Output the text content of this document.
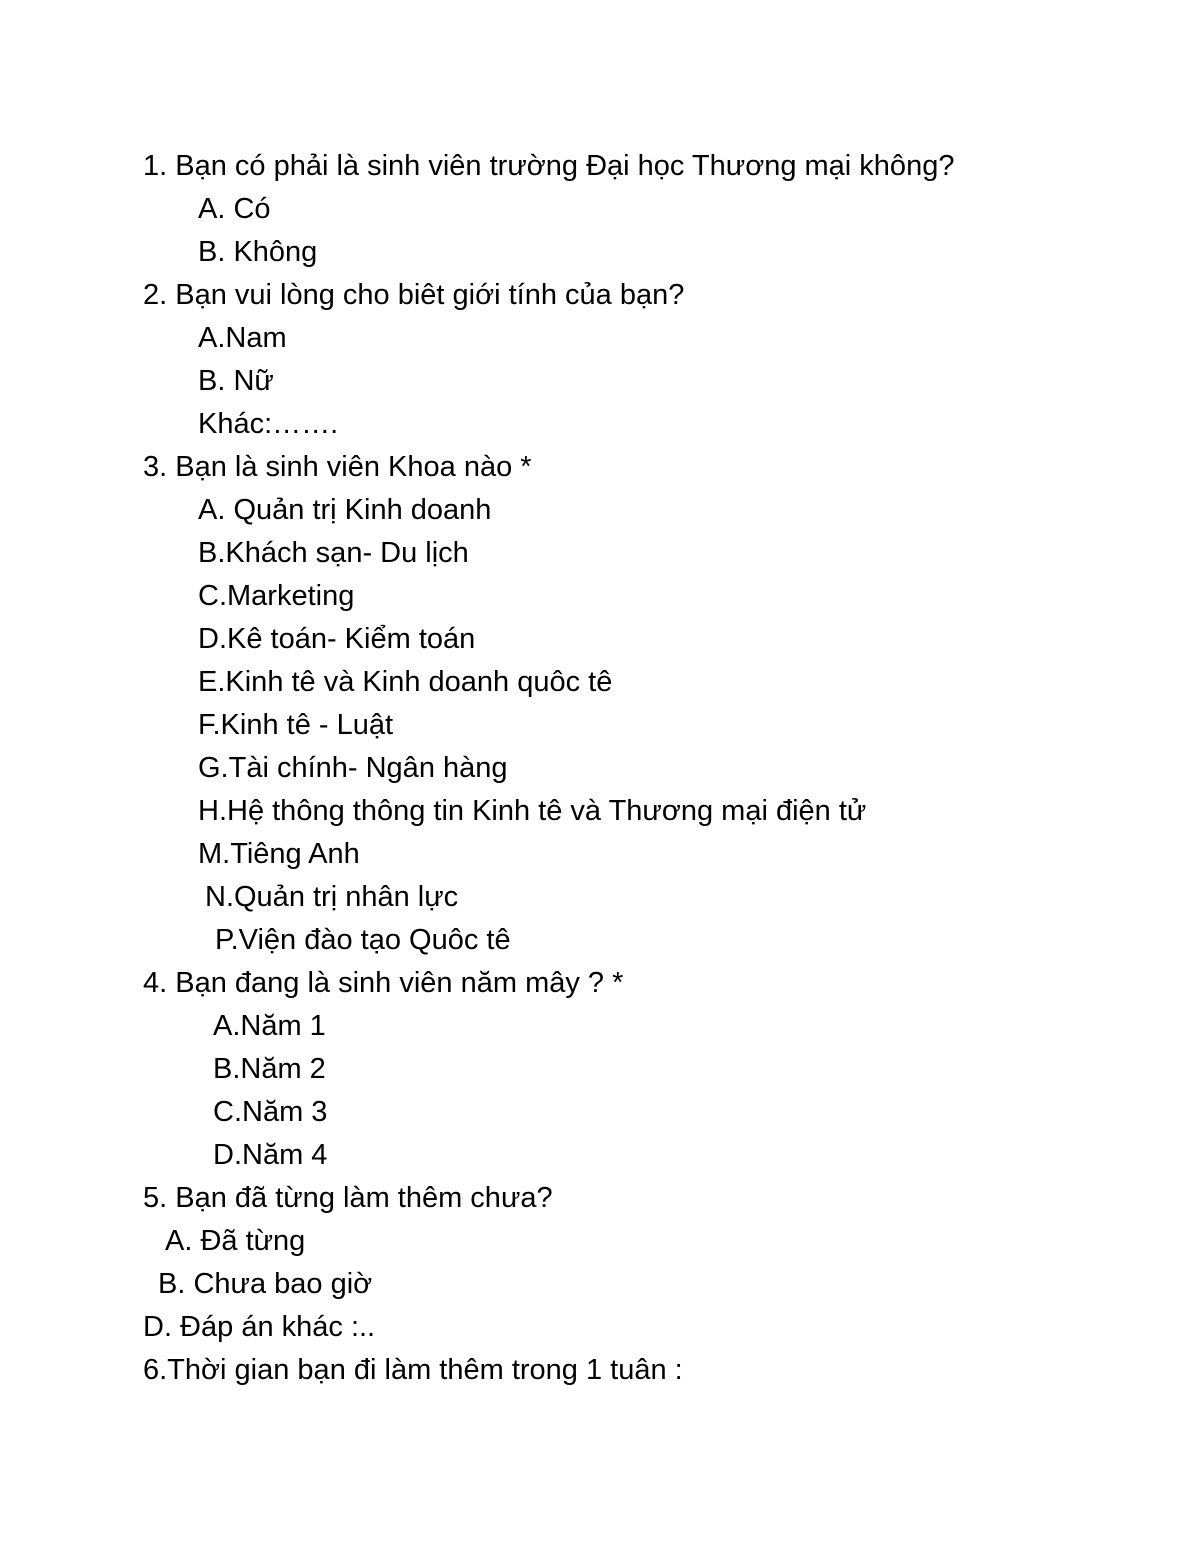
1. Bạn có phải là sinh viên trường Đại học Thương mại không?
A. Có
B. Không
2. Bạn vui lòng cho biêt giới tính của bạn?
A.Nam
B. Nữ
Khác:…….
3. Bạn là sinh viên Khoa nào *
A. Quản trị Kinh doanh
B.Khách sạn- Du lịch
C.Marketing
D.Kê toán- Kiểm toán
E.Kinh tê và Kinh doanh quôc tê
F.Kinh tê - Luật
G.Tài chính- Ngân hàng
H.Hệ thông thông tin Kinh tê và Thương mại điện tử
M.Tiêng Anh
N.Quản trị nhân lực
P.Viện đào tạo Quôc tê
4. Bạn đang là sinh viên năm mây ? *
A.Năm 1
B.Năm 2
C.Năm 3
D.Năm 4
5. Bạn đã từng làm thêm chưa?
A. Đã từng
B. Chưa bao giờ
D. Đáp án khác :..
6.Thời gian bạn đi làm thêm trong 1 tuân :
